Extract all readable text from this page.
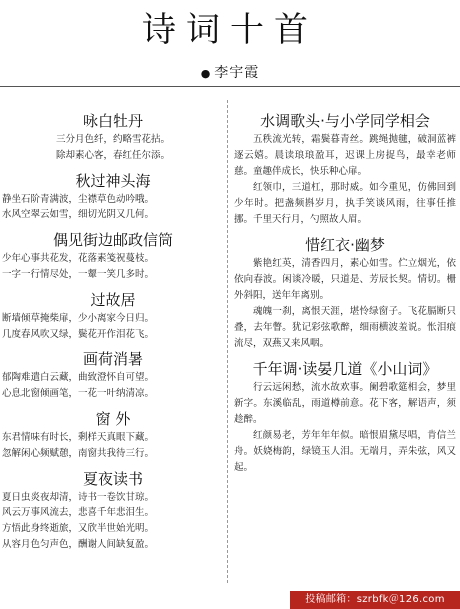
诗词十首
● 李宇霞
咏白牡丹
三分月色纤，约略雪花拈。
除却素心客，春红任尔添。
秋过神头海
静坐石阶青满波，尘襟草色动吟哦。
水风空翠云如雪，细切光阴又几何。
偶见街边邮政信筒
少年心事共花发，花落素笺祝蔓枝。
一字一行情尽处，一颦一笑几多时。
过故居
断墙倾草掩柴扉，少小离家今日归。
几度春风吹又绿，鬓花开作泪花飞。
画荷消暑
郁陶难遣白云藏，曲致澄怀自可望。
心息北窗倾画笔，一花一叶纳清凉。
窗 外
东君情味有时长，剩样天真眼下藏。
忽解闲心频赋憩，南窗共我待三行。
夏夜读书
夏日虫炎夜却清，诗书一卷饮甘琼。
风云万事风流去，悲喜千年悲泪生。
方悟此身终逝旅，又欣半世始光明。
从容月色匀声色，酬谢人间缺复盈。
水调歌头·与小学同学相会

五秩流光转，霜鬓暮青丝。跳绳抛毽，破洞蓝裤逐云嬉。晨读琅琅盈耳，迟课上房捉鸟，最幸老师慈。童趣伴成长，快乐种心扉。

红领巾，三道杠，那时威。如今重见，仿佛回到少年时。把盏频斟岁月，执手笑谈风雨，往事任推挪。千里天行月，勺照故人眉。

惜红衣·幽梦

紫艳红英，清香四月，素心如雪。伫立烟光，依依向春波。闲谈冷暖，只道是、芳辰长契。情切。栅外斜阳，送年年离别。

魂魄一刹，离恨天涯，堪怜绿窗子。飞花膈断只叠，去年瞥。犹记彩弦歌醉，细雨横波羞说。怅泪痕流尽，双燕又来风咽。

千年调·读晏几道《小山词》

行云远闲愁，流水故欢事。阑碧歌筵相会，梦里新字。东溪临乱，雨道樽前意。花下客，解语声，须趁醉。

红颜易老，芳年年年似。暗恨眉黛尽唱，肯信兰舟。妖娆梅韵，绿镜玉人泪。无端月，弄朱弦，风又起。

投稿邮箱：szrbfk＠126.com
